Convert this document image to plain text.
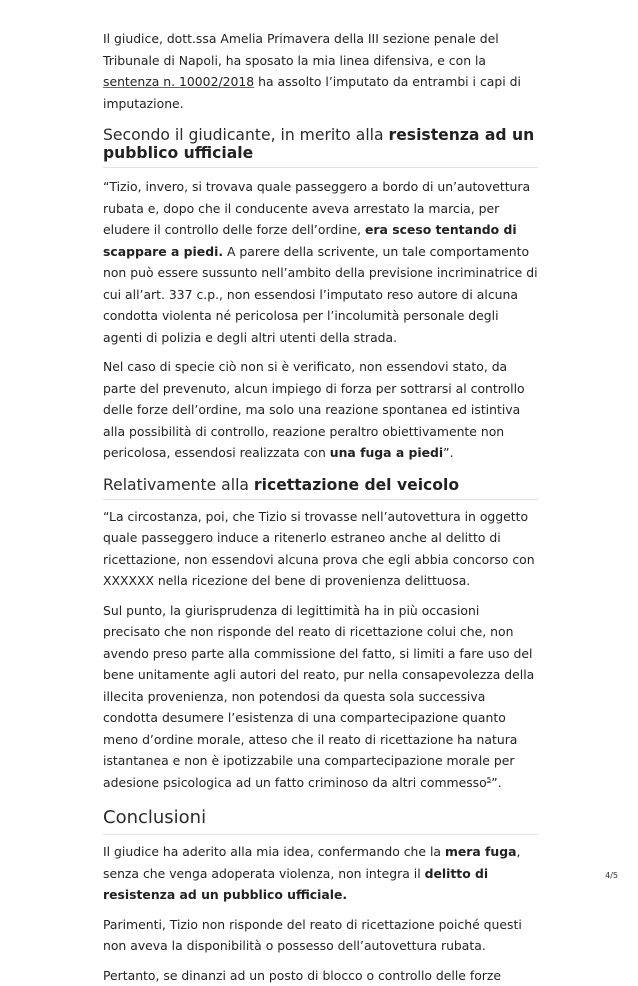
Il giudice, dott.ssa Amelia Primavera della III sezione penale del Tribunale di Napoli, ha sposato la mia linea difensiva, e con la sentenza n. 10002/2018 ha assolto l’imputato da entrambi i capi di imputazione.

Secondo il giudicante, in merito alla resistenza ad un pubblico ufficiale

“Tizio, invero, si trovava quale passeggero a bordo di un’autovettura rubata e, dopo che il conducente aveva arrestato la marcia, per eludere il controllo delle forze dell’ordine, era sceso tentando di scappare a piedi. A parere della scrivente, un tale comportamento non può essere sussunto nell’ambito della previsione incriminatrice di cui all’art. 337 c.p., non essendosi l’imputato reso autore di alcuna condotta violenta né pericolosa per l’incolumità personale degli agenti di polizia e degli altri utenti della strada.

Nel caso di specie ciò non si è verificato, non essendovi stato, da parte del prevenuto, alcun impiego di forza per sottrarsi al controllo delle forze dell’ordine, ma solo una reazione spontanea ed istintiva alla possibilità di controllo, reazione peraltro obiettivamente non pericolosa, essendosi realizzata con una fuga a piedi”.

Relativamente alla ricettazione del veicolo

“La circostanza, poi, che Tizio si trovasse nell’autovettura in oggetto quale passeggero induce a ritenerlo estraneo anche al delitto di ricettazione, non essendovi alcuna prova che egli abbia concorso con XXXXXX nella ricezione del bene di provenienza delittuosa.

Sul punto, la giurisprudenza di legittimità ha in più occasioni precisato che non risponde del reato di ricettazione colui che, non avendo preso parte alla commissione del fatto, si limiti a fare uso del bene unitamente agli autori del reato, pur nella consapevolezza della illecita provenienza, non potendosi da questa sola successiva condotta desumere l’esistenza di una compartecipazione quanto meno d’ordine morale, atteso che il reato di ricettazione ha natura istantanea e non è ipotizzabile una compartecipazione morale per adesione psicologica ad un fatto criminoso da altri commesso$^5$”.

Conclusioni

Il giudice ha aderito alla mia idea, confermando che la mera fuga, senza che venga adoperata violenza, non integra il delitto di resistenza ad un pubblico ufficiale.

Parimenti, Tizio non risponde del reato di ricettazione poiché questi non aveva la disponibilità o possesso dell’autovettura rubata.

Pertanto, se dinanzi ad un posto di blocco o controllo delle forze

4/5
